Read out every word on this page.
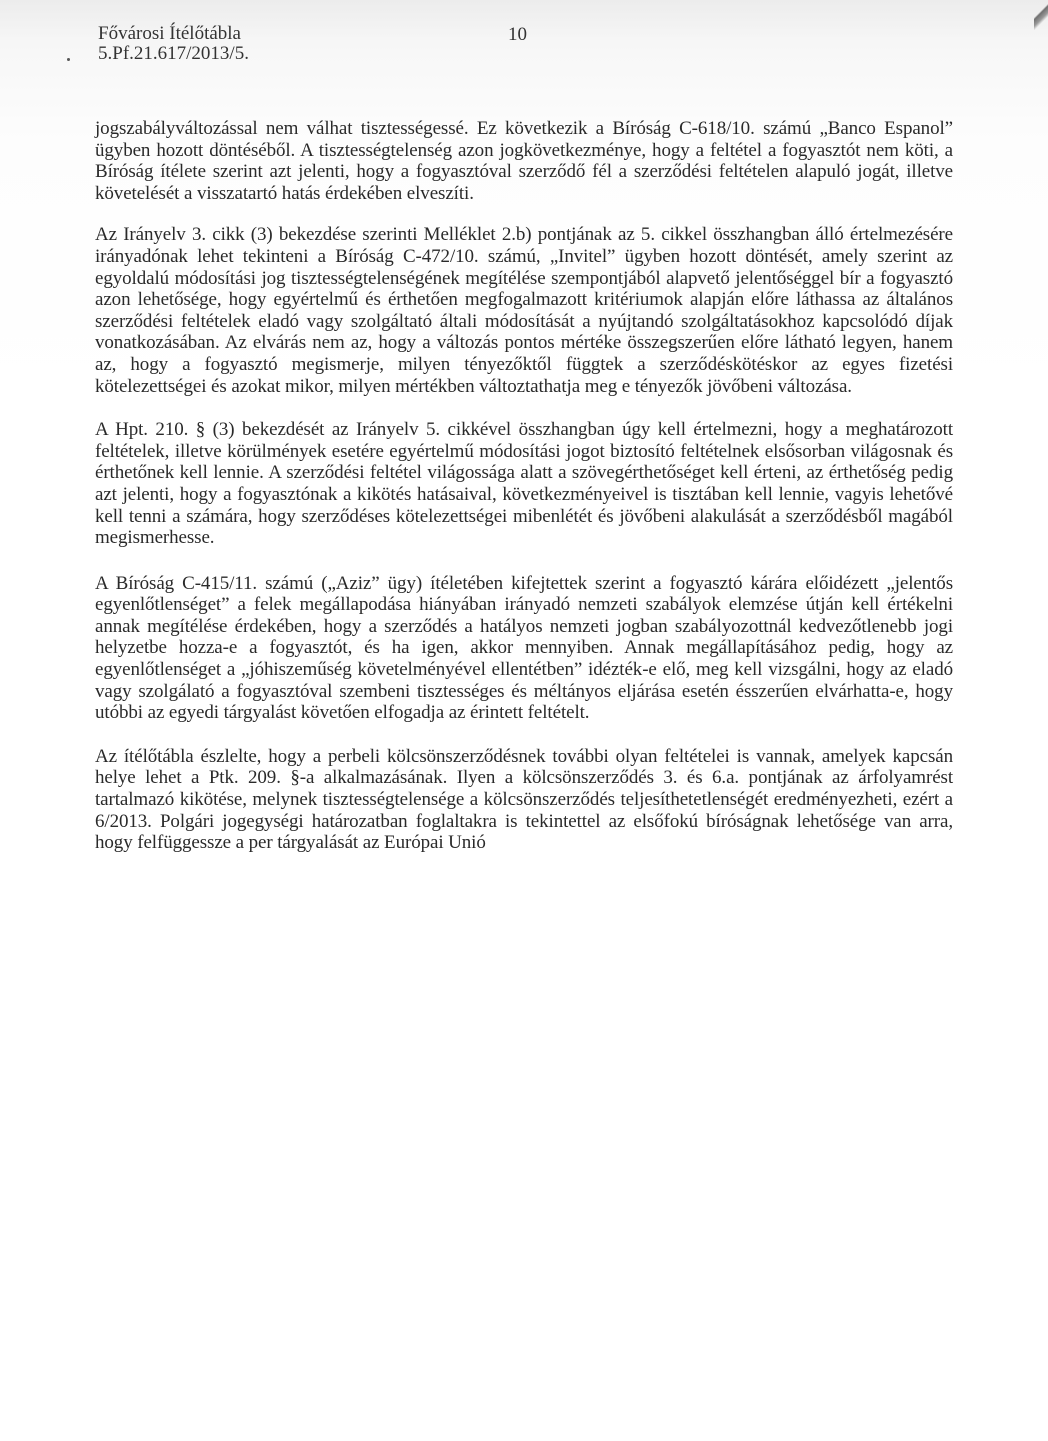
Fővárosi Ítélőtábla
5.Pf.21.617/2013/5.
10

jogszabályváltozással nem válhat tisztességessé. Ez következik a Bíróság C-618/10. számú „Banco Espanol” ügyben hozott döntéséből. A tisztességtelenség azon jogkövetkezménye, hogy a feltétel a fogyasztót nem köti, a Bíróság ítélete szerint azt jelenti, hogy a fogyasztóval szerződő fél a szerződési feltételen alapuló jogát, illetve követelését a visszatartó hatás érdekében elveszíti.

Az Irányelv 3. cikk (3) bekezdése szerinti Melléklet 2.b) pontjának az 5. cikkel összhangban álló értelmezésére irányadónak lehet tekinteni a Bíróság C-472/10. számú, „Invitel” ügyben hozott döntését, amely szerint az egyoldalú módosítási jog tisztességtelenségének megítélése szempontjából alapvető jelentőséggel bír a fogyasztó azon lehetősége, hogy egyértelmű és érthetően megfogalmazott kritériumok alapján előre láthassa az általános szerződési feltételek eladó vagy szolgáltató általi módosítását a nyújtandó szolgáltatásokhoz kapcsolódó díjak vonatkozásában. Az elvárás nem az, hogy a változás pontos mértéke összegszerűen előre látható legyen, hanem az, hogy a fogyasztó megismerje, milyen tényezőktől függtek a szerződéskötéskor az egyes fizetési kötelezettségei és azokat mikor, milyen mértékben változtathatja meg e tényezők jövőbeni változása.

A Hpt. 210. § (3) bekezdését az Irányelv 5. cikkével összhangban úgy kell értelmezni, hogy a meghatározott feltételek, illetve körülmények esetére egyértelmű módosítási jogot biztosító feltételnek elsősorban világosnak és érthetőnek kell lennie. A szerződési feltétel világossága alatt a szövegérthetőséget kell érteni, az érthetőség pedig azt jelenti, hogy a fogyasztónak a kikötés hatásaival, következményeivel is tisztában kell lennie, vagyis lehetővé kell tenni a számára, hogy szerződéses kötelezettségei mibenlétét és jövőbeni alakulását a szerződésből magából megismerhesse.

A Bíróság C-415/11. számú („Aziz” ügy) ítéletében kifejtettek szerint a fogyasztó kárára előidézett „jelentős egyenlőtlenséget” a felek megállapodása hiányában irányadó nemzeti szabályok elemzése útján kell értékelni annak megítélése érdekében, hogy a szerződés a hatályos nemzeti jogban szabályozottnál kedvezőtlenebb jogi helyzetbe hozza-e a fogyasztót, és ha igen, akkor mennyiben. Annak megállapításához pedig, hogy az egyenlőtlenséget a „jóhiszeműség követelményével ellentétben” idézték-e elő, meg kell vizsgálni, hogy az eladó vagy szolgálató a fogyasztóval szembeni tisztességes és méltányos eljárása esetén ésszerűen elvárhatta-e, hogy utóbbi az egyedi tárgyalást követően elfogadja az érintett feltételt.

Az ítélőtábla észlelte, hogy a perbeli kölcsönszerződésnek további olyan feltételei is vannak, amelyek kapcsán helye lehet a Ptk. 209. §-a alkalmazásának. Ilyen a kölcsönszerződés 3. és 6.a. pontjának az árfolyamrést tartalmazó kikötése, melynek tisztességtelensége a kölcsönszerződés teljesíthetetlenségét eredményezheti, ezért a 6/2013. Polgári jogegységi határozatban foglaltakra is tekintettel az elsőfokú bíróságnak lehetősége van arra, hogy felfüggessze a per tárgyalását az Európai Unió
